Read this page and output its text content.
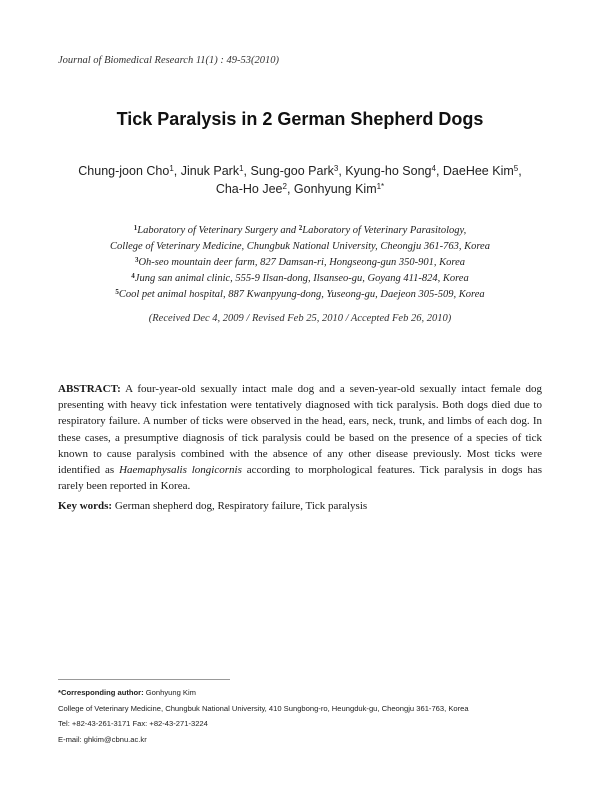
Journal of Biomedical Research 11(1) : 49-53(2010)
Tick Paralysis in 2 German Shepherd Dogs
Chung-joon Cho$^1$, Jinuk Park$^1$, Sung-goo Park$^3$, Kyung-ho Song$^4$, DaeHee Kim$^5$,
Cha-Ho Jee$^2$, Gonhyung Kim$^{1*}$
$^1$Laboratory of Veterinary Surgery and $^2$Laboratory of Veterinary Parasitology,
College of Veterinary Medicine, Chungbuk National University, Cheongju 361-763, Korea
$^3$Oh-seo mountain deer farm, 827 Damsan-ri, Hongseong-gun 350-901, Korea
$^4$Jung san animal clinic, 555-9 Ilsan-dong, Ilsanseo-gu, Goyang 411-824, Korea
$^5$Cool pet animal hospital, 887 Kwanpyung-dong, Yuseong-gu, Daejeon 305-509, Korea
(Received Dec 4, 2009 / Revised Feb 25, 2010 / Accepted Feb 26, 2010)

ABSTRACT: A four-year-old sexually intact male dog and a seven-year-old sexually intact female dog presenting with heavy tick infestation were tentatively diagnosed with tick paralysis. Both dogs died due to respiratory failure. A number of ticks were observed in the head, ears, neck, trunk, and limbs of each dog. In these cases, a presumptive diagnosis of tick paralysis could be based on the presence of a species of tick known to cause paralysis combined with the absence of any other disease previously. Most ticks were identified as Haemaphysalis longicornis according to morphological features. Tick paralysis in dogs has rarely been reported in Korea.

Key words: German shepherd dog, Respiratory failure, Tick paralysis
*Corresponding author: Gonhyung Kim
College of Veterinary Medicine, Chungbuk National University, 410 Sungbong-ro, Heungduk-gu, Cheongju 361-763, Korea
Tel: +82-43-261-3171 Fax: +82-43-271-3224
E-mail: ghkim@cbnu.ac.kr
